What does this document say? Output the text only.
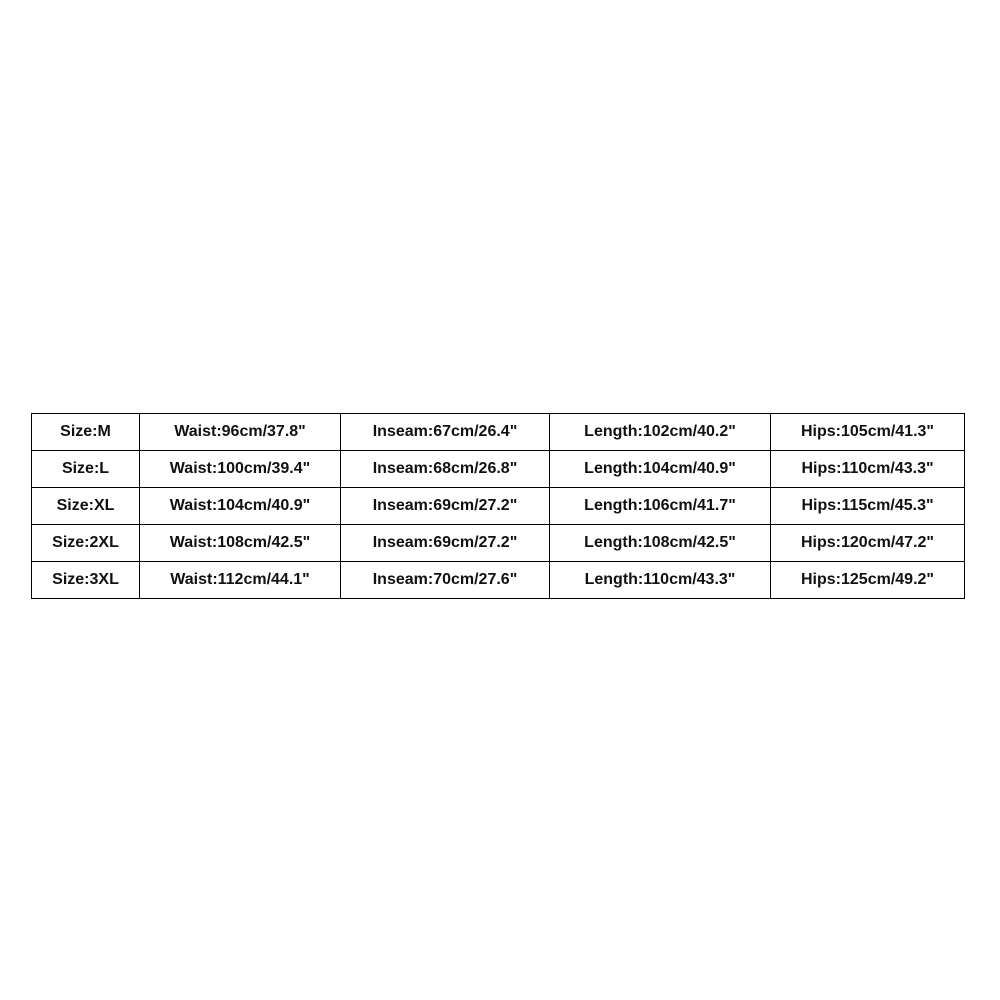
Size:M	Waist:96cm/37.8"	Inseam:67cm/26.4"	Length:102cm/40.2"	Hips:105cm/41.3"
Size:L	Waist:100cm/39.4"	Inseam:68cm/26.8"	Length:104cm/40.9"	Hips:110cm/43.3"
Size:XL	Waist:104cm/40.9"	Inseam:69cm/27.2"	Length:106cm/41.7"	Hips:115cm/45.3"
Size:2XL	Waist:108cm/42.5"	Inseam:69cm/27.2"	Length:108cm/42.5"	Hips:120cm/47.2"
Size:3XL	Waist:112cm/44.1"	Inseam:70cm/27.6"	Length:110cm/43.3"	Hips:125cm/49.2"
